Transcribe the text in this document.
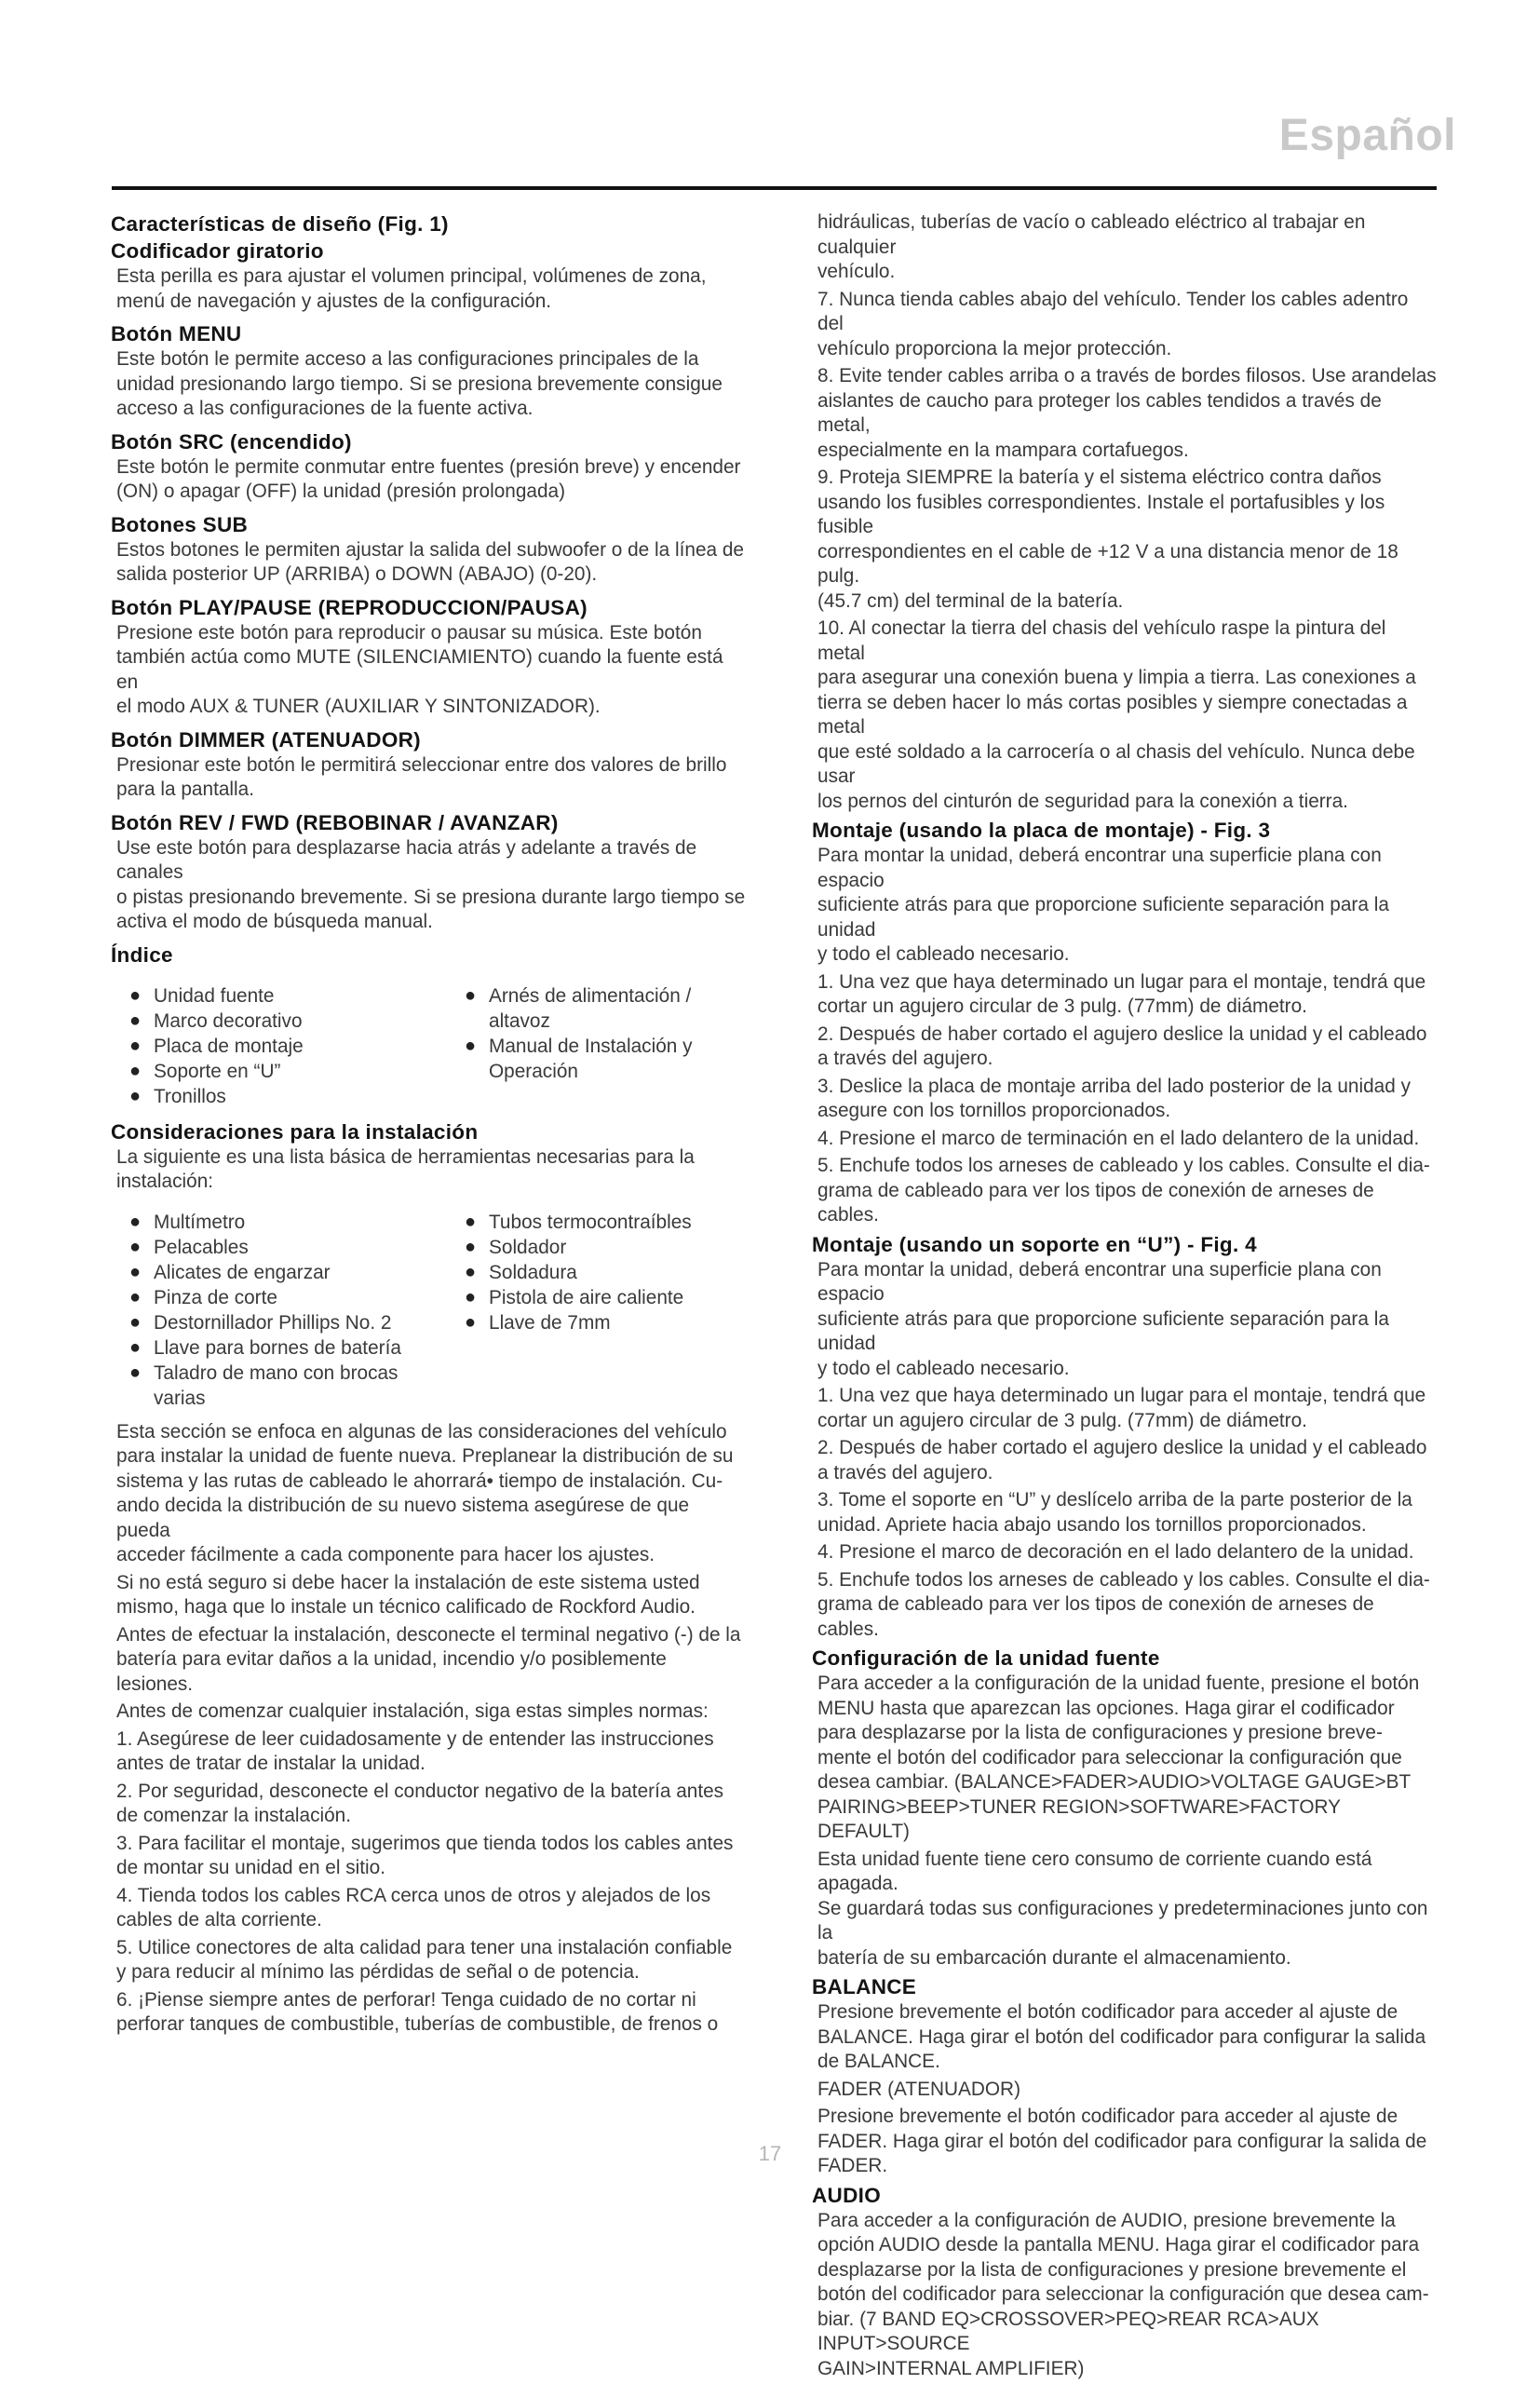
Español
Características de diseño (Fig. 1)
Codificador giratorio
Esta perilla es para ajustar el volumen principal, volúmenes de zona,
menú de navegación y ajustes de la configuración.
Botón MENU
Este botón le permite acceso a las configuraciones principales de la
unidad presionando largo tiempo. Si se presiona brevemente consigue
acceso a las configuraciones de la fuente activa.
Botón SRC (encendido)
Este botón le permite conmutar entre fuentes (presión breve) y encender
(ON) o apagar (OFF) la unidad (presión prolongada)
Botones SUB
Estos botones le permiten ajustar la salida del subwoofer o de la línea de
salida posterior UP (ARRIBA) o DOWN (ABAJO) (0-20).
Botón PLAY/PAUSE (REPRODUCCION/PAUSA)
Presione este botón para reproducir o pausar su música. Este botón
también actúa como MUTE (SILENCIAMIENTO) cuando la fuente está en
el modo AUX & TUNER (AUXILIAR Y SINTONIZADOR).
Botón DIMMER (ATENUADOR)
Presionar este botón le permitirá seleccionar entre dos valores de brillo
para la pantalla.
Botón REV / FWD (REBOBINAR / AVANZAR)
Use este botón para desplazarse hacia atrás y adelante a través de canales
o pistas presionando brevemente. Si se presiona durante largo tiempo se
activa el modo de búsqueda manual.
Índice
● Unidad fuente
● Marco decorativo
● Placa de montaje
● Soporte en “U”
● Tronillos
● Arnés de alimentación /
altavoz
● Manual de Instalación y
Operación
Consideraciones para la instalación
La siguiente es una lista básica de herramientas necesarias para la
instalación:
● Multímetro
● Pelacables
● Alicates de engarzar
● Pinza de corte
● Destornillador Phillips No. 2
● Llave para bornes de batería
● Taladro de mano con brocas
varias
● Tubos termocontraíbles
● Soldador
● Soldadura
● Pistola de aire caliente
● Llave de 7mm
Esta sección se enfoca en algunas de las consideraciones del vehículo
para instalar la unidad de fuente nueva. Preplanear la distribución de su
sistema y las rutas de cableado le ahorrará• tiempo de instalación. Cu-
ando decida la distribución de su nuevo sistema asegúrese de que pueda
acceder fácilmente a cada componente para hacer los ajustes.
Si no está seguro si debe hacer la instalación de este sistema usted
mismo, haga que lo instale un técnico calificado de Rockford Audio.
Antes de efectuar la instalación, desconecte el terminal negativo (-) de la
batería para evitar daños a la unidad, incendio y/o posiblemente lesiones.
Antes de comenzar cualquier instalación, siga estas simples normas:
1. Asegúrese de leer cuidadosamente y de entender las instrucciones
antes de tratar de instalar la unidad.
2. Por seguridad, desconecte el conductor negativo de la batería antes
de comenzar la instalación.
3. Para facilitar el montaje, sugerimos que tienda todos los cables antes
de montar su unidad en el sitio.
4. Tienda todos los cables RCA cerca unos de otros y alejados de los
cables de alta corriente.
5. Utilice conectores de alta calidad para tener una instalación confiable
y para reducir al mínimo las pérdidas de señal o de potencia.
6. ¡Piense siempre antes de perforar! Tenga cuidado de no cortar ni
perforar tanques de combustible, tuberías de combustible, de frenos o
hidráulicas, tuberías de vacío o cableado eléctrico al trabajar en cualquier
vehículo.
7. Nunca tienda cables abajo del vehículo. Tender los cables adentro del
vehículo proporciona la mejor protección.
8. Evite tender cables arriba o a través de bordes filosos. Use arandelas
aislantes de caucho para proteger los cables tendidos a través de metal,
especialmente en la mampara cortafuegos.
9. Proteja SIEMPRE la batería y el sistema eléctrico contra daños
usando los fusibles correspondientes. Instale el portafusibles y los fusible
correspondientes en el cable de +12 V a una distancia menor de 18 pulg.
(45.7 cm) del terminal de la batería.
10. Al conectar la tierra del chasis del vehículo raspe la pintura del metal
para asegurar una conexión buena y limpia a tierra. Las conexiones a
tierra se deben hacer lo más cortas posibles y siempre conectadas a metal
que esté soldado a la carrocería o al chasis del vehículo. Nunca debe usar
los pernos del cinturón de seguridad para la conexión a tierra.
Montaje (usando la placa de montaje) - Fig. 3
Para montar la unidad, deberá encontrar una superficie plana con espacio
suficiente atrás para que proporcione suficiente separación para la unidad
y todo el cableado necesario.
1. Una vez que haya determinado un lugar para el montaje, tendrá que
cortar un agujero circular de 3 pulg. (77mm) de diámetro.
2. Después de haber cortado el agujero deslice la unidad y el cableado
a través del agujero.
3. Deslice la placa de montaje arriba del lado posterior de la unidad y
asegure con los tornillos proporcionados.
4. Presione el marco de terminación en el lado delantero de la unidad.
5. Enchufe todos los arneses de cableado y los cables. Consulte el dia-
grama de cableado para ver los tipos de conexión de arneses de cables.
Montaje (usando un soporte en “U”) - Fig. 4
Para montar la unidad, deberá encontrar una superficie plana con espacio
suficiente atrás para que proporcione suficiente separación para la unidad
y todo el cableado necesario.
1. Una vez que haya determinado un lugar para el montaje, tendrá que
cortar un agujero circular de 3 pulg. (77mm) de diámetro.
2. Después de haber cortado el agujero deslice la unidad y el cableado
a través del agujero.
3. Tome el soporte en “U” y deslícelo arriba de la parte posterior de la
unidad. Apriete hacia abajo usando los tornillos proporcionados.
4. Presione el marco de decoración en el lado delantero de la unidad.
5. Enchufe todos los arneses de cableado y los cables. Consulte el dia-
grama de cableado para ver los tipos de conexión de arneses de cables.
Configuración de la unidad fuente
Para acceder a la configuración de la unidad fuente, presione el botón
MENU hasta que aparezcan las opciones. Haga girar el codificador
para desplazarse por la lista de configuraciones y presione breve-
mente el botón del codificador para seleccionar la configuración que
desea cambiar. (BALANCE>FADER>AUDIO>VOLTAGE GAUGE>BT
PAIRING>BEEP>TUNER REGION>SOFTWARE>FACTORY DEFAULT)
Esta unidad fuente tiene cero consumo de corriente cuando está apagada.
Se guardará todas sus configuraciones y predeterminaciones junto con la
batería de su embarcación durante el almacenamiento.
BALANCE
Presione brevemente el botón codificador para acceder al ajuste de
BALANCE. Haga girar el botón del codificador para configurar la salida
de BALANCE.
FADER (ATENUADOR)
Presione brevemente el botón codificador para acceder al ajuste de
FADER. Haga girar el botón del codificador para configurar la salida de
FADER.
AUDIO
Para acceder a la configuración de AUDIO, presione brevemente la
opción AUDIO desde la pantalla MENU. Haga girar el codificador para
desplazarse por la lista de configuraciones y presione brevemente el
botón del codificador para seleccionar la configuración que desea cam-
biar. (7 BAND EQ>CROSSOVER>PEQ>REAR RCA>AUX INPUT>SOURCE
GAIN>INTERNAL AMPLIFIER)
17
